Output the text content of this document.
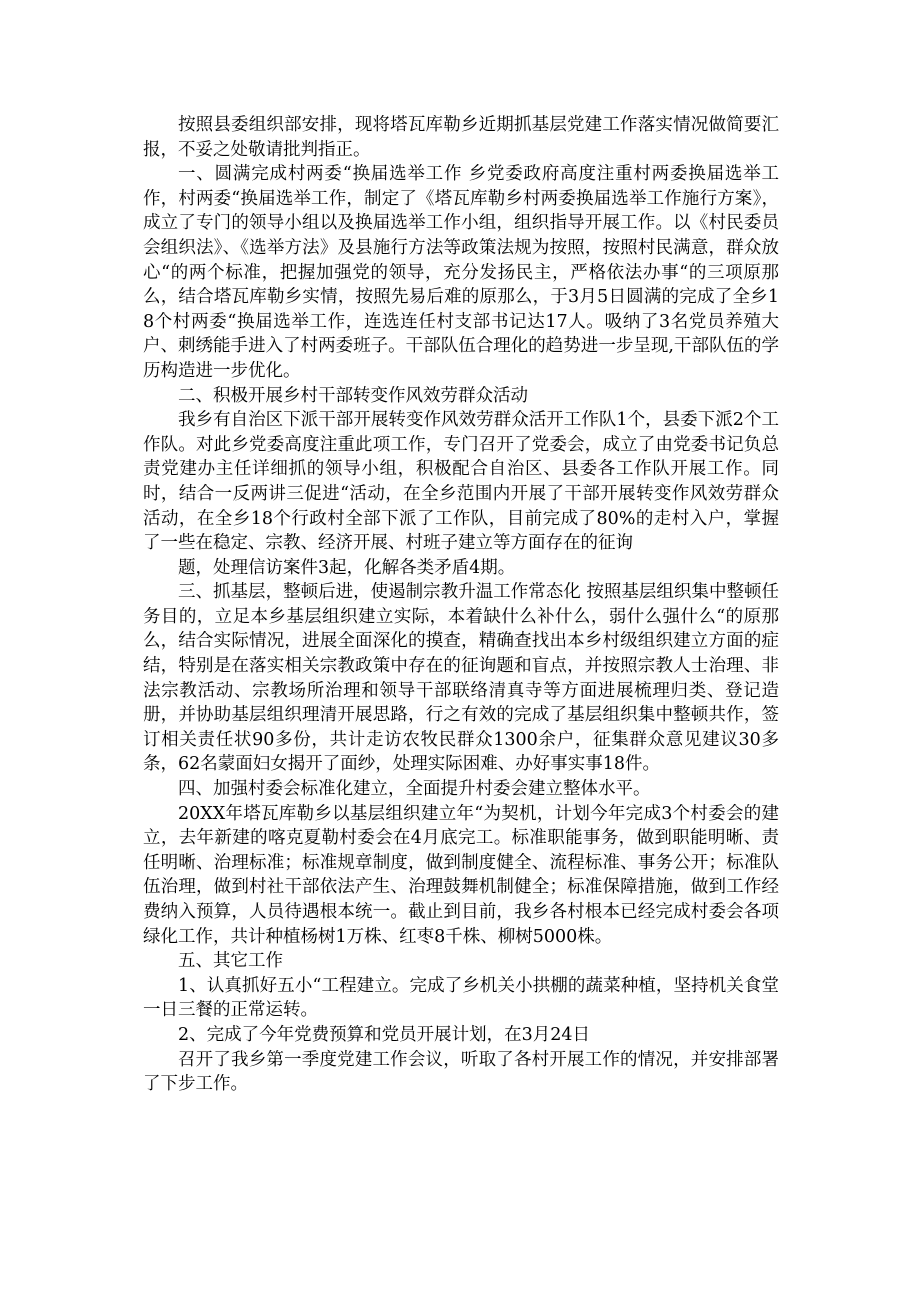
按照县委组织部安排，现将塔瓦库勒乡近期抓基层党建工作落实情况做简要汇报，不妥之处敬请批判指正。

一、圆满完成村两委“换届选举工作 乡党委政府高度注重村两委换届选举工作，村两委“换届选举工作，制定了《塔瓦库勒乡村两委换届选举工作施行方案》，成立了专门的领导小组以及换届选举工作小组，组织指导开展工作。以《村民委员会组织法》、《选举方法》及县施行方法等政策法规为按照，按照村民满意，群众放心“的两个标准，把握加强党的领导，充分发扬民主，严格依法办事“的三项原那么，结合塔瓦库勒乡实情，按照先易后难的原那么，于3月5日圆满的完成了全乡18个村两委“换届选举工作，连选连任村支部书记达17人。吸纳了3名党员养殖大户、刺绣能手进入了村两委班子。干部队伍合理化的趋势进一步呈现,干部队伍的学历构造进一步优化。

二、积极开展乡村干部转变作风效劳群众活动

我乡有自治区下派干部开展转变作风效劳群众活开工作队1个，县委下派2个工作队。对此乡党委高度注重此项工作，专门召开了党委会，成立了由党委书记负总责党建办主任详细抓的领导小组，积极配合自治区、县委各工作队开展工作。同时，结合一反两讲三促进“活动，在全乡范围内开展了干部开展转变作风效劳群众活动，在全乡18个行政村全部下派了工作队，目前完成了80%的走村入户，掌握了一些在稳定、宗教、经济开展、村班子建立等方面存在的征询

题，处理信访案件3起，化解各类矛盾4期。

三、抓基层，整顿后进，使遏制宗教升温工作常态化 按照基层组织集中整顿任务目的，立足本乡基层组织建立实际，本着缺什么补什么，弱什么强什么“的原那么，结合实际情况，进展全面深化的摸查，精确查找出本乡村级组织建立方面的症结，特别是在落实相关宗教政策中存在的征询题和盲点，并按照宗教人士治理、非法宗教活动、宗教场所治理和领导干部联络清真寺等方面进展梳理归类、登记造册，并协助基层组织理清开展思路，行之有效的完成了基层组织集中整顿共作，签订相关责任状90多份，共计走访农牧民群众1300余户，征集群众意见建议30多条，62名蒙面妇女揭开了面纱，处理实际困难、办好事实事18件。

四、加强村委会标准化建立，全面提升村委会建立整体水平。

20XX年塔瓦库勒乡以基层组织建立年“为契机，计划今年完成3个村委会的建立，去年新建的喀克夏勒村委会在4月底完工。标准职能事务，做到职能明晰、责任明晰、治理标准；标准规章制度，做到制度健全、流程标准、事务公开；标准队伍治理，做到村社干部依法产生、治理鼓舞机制健全；标准保障措施，做到工作经费纳入预算，人员待遇根本统一。截止到目前，我乡各村根本已经完成村委会各项绿化工作，共计种植杨树1万株、红枣8千株、柳树5000株。

五、其它工作

1、认真抓好五小“工程建立。完成了乡机关小拱棚的蔬菜种植，坚持机关食堂一日三餐的正常运转。

2、完成了今年党费预算和党员开展计划，在3月24日

召开了我乡第一季度党建工作会议，听取了各村开展工作的情况，并安排部署了下步工作。
